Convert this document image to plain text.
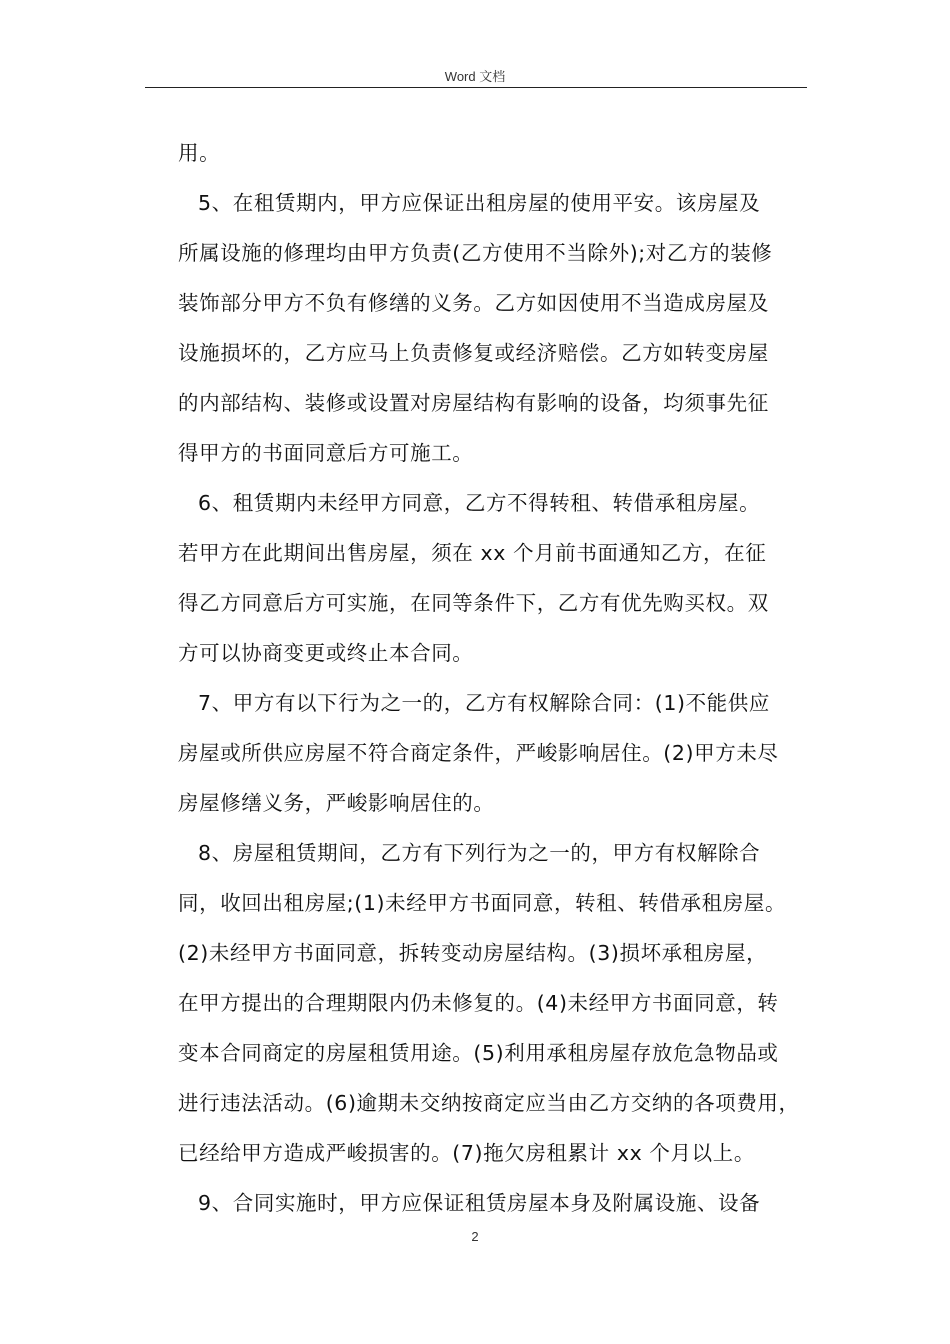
Word 文档
用。
5、在租赁期内，甲方应保证出租房屋的使用平安。该房屋及
所属设施的修理均由甲方负责(乙方使用不当除外);对乙方的装修
装饰部分甲方不负有修缮的义务。乙方如因使用不当造成房屋及
设施损坏的，乙方应马上负责修复或经济赔偿。乙方如转变房屋
的内部结构、装修或设置对房屋结构有影响的设备，均须事先征
得甲方的书面同意后方可施工。
6、租赁期内未经甲方同意，乙方不得转租、转借承租房屋。
若甲方在此期间出售房屋，须在 xx 个月前书面通知乙方，在征
得乙方同意后方可实施，在同等条件下，乙方有优先购买权。双
方可以协商变更或终止本合同。
7、甲方有以下行为之一的，乙方有权解除合同：(1)不能供应
房屋或所供应房屋不符合商定条件，严峻影响居住。(2)甲方未尽
房屋修缮义务，严峻影响居住的。
8、房屋租赁期间，乙方有下列行为之一的，甲方有权解除合
同，收回出租房屋;(1)未经甲方书面同意，转租、转借承租房屋。
(2)未经甲方书面同意，拆转变动房屋结构。(3)损坏承租房屋，
在甲方提出的合理期限内仍未修复的。(4)未经甲方书面同意，转
变本合同商定的房屋租赁用途。(5)利用承租房屋存放危急物品或
进行违法活动。(6)逾期未交纳按商定应当由乙方交纳的各项费用，
已经给甲方造成严峻损害的。(7)拖欠房租累计 xx 个月以上。
9、合同实施时，甲方应保证租赁房屋本身及附属设施、设备
2
